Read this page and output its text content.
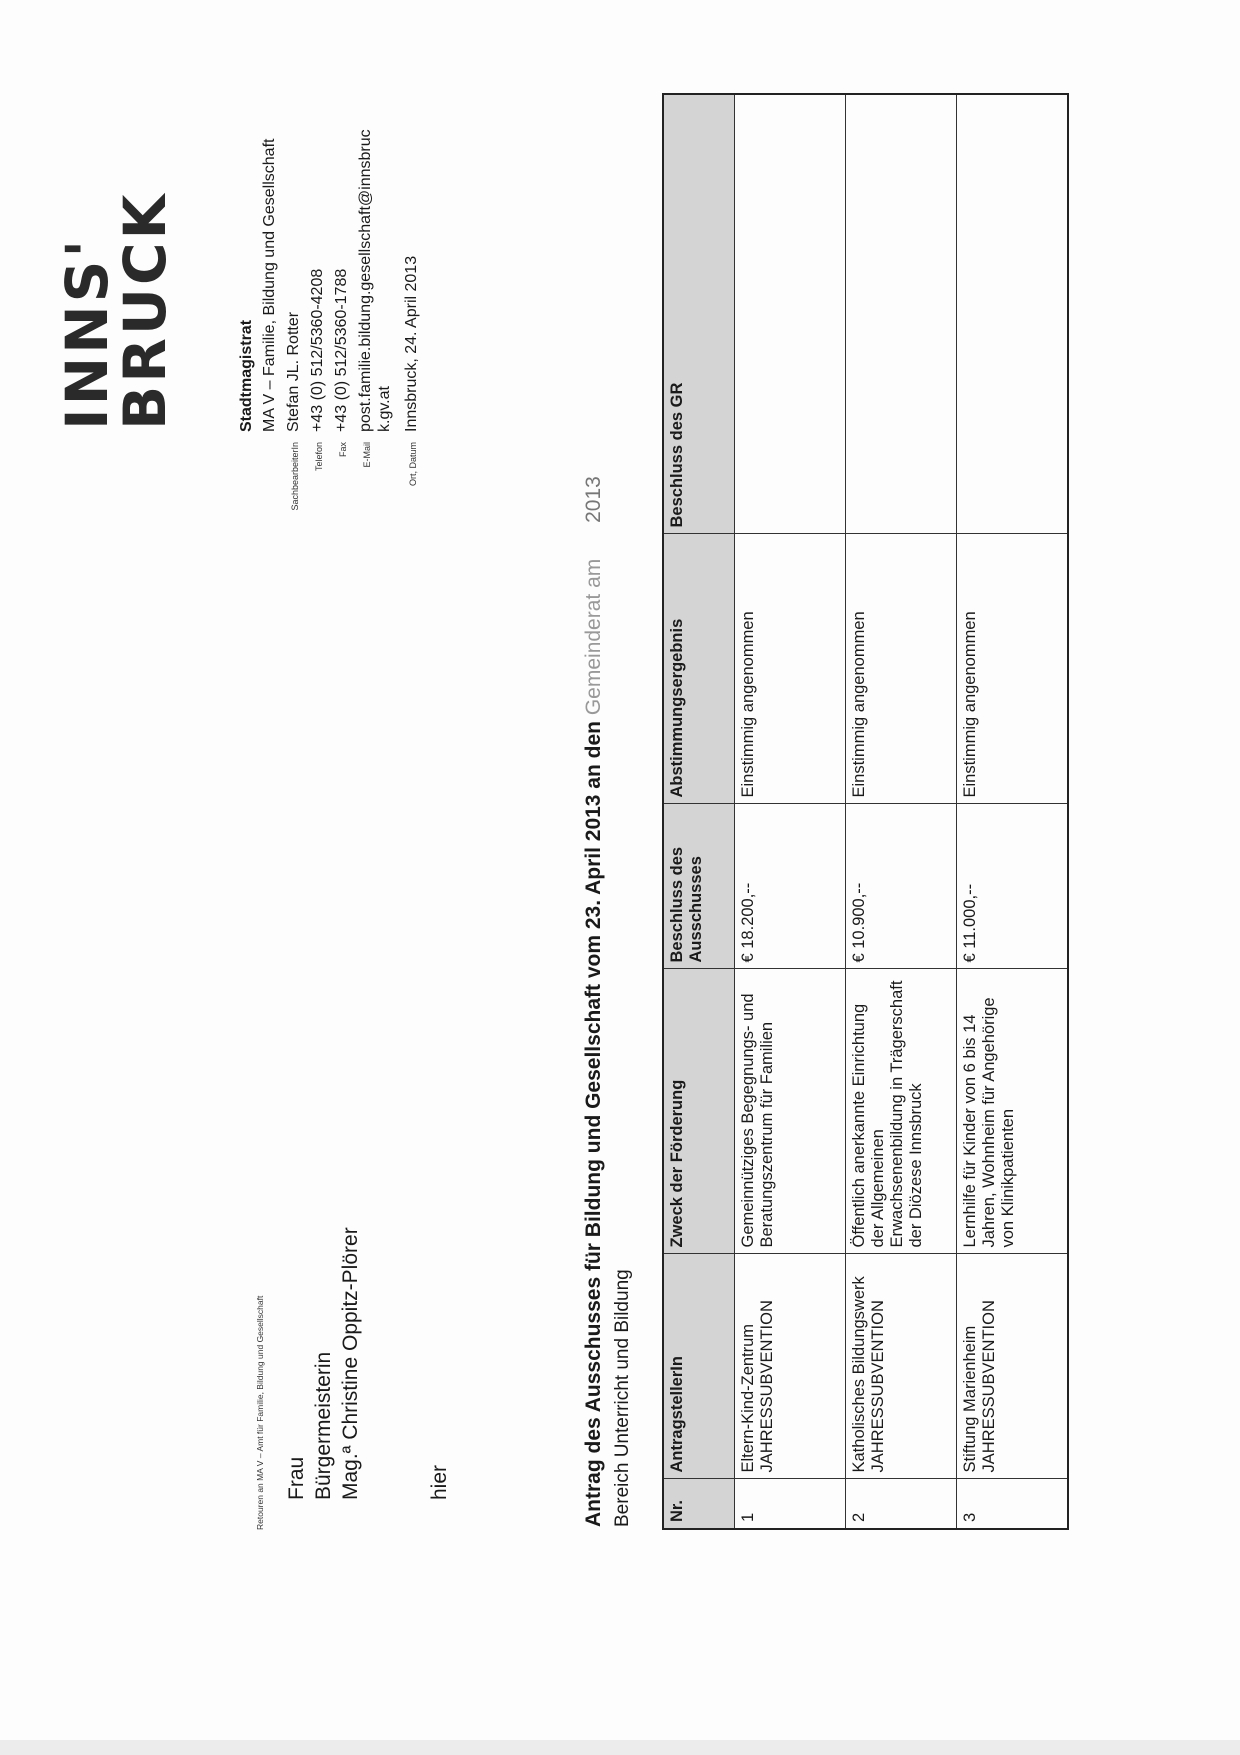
Retouren an MA V – Amt für Familie, Bildung und Gesellschaft Frau Bürgermeisterin Mag.ª Christine Oppitz-Plörer	hier
INNS'
BRUCK	Stadtmagistrat MA V – Familie, Bildung und Gesellschaft
SachbearbeiterIn
Stefan JL. Rotter
Telefon
+43 (0) 512/5360-4208
Fax
+43 (0) 512/5360-1788
E-Mail
post.familie.bildung.gesellschaft@innsbruc k.gv.at
Ort, Datum
Innsbruck, 24. April 2013
Antrag des Ausschusses für Bildung und Gesellschaft vom 23. April 2013 an den Gemeinderat am 2013
Bereich Unterricht und Bildung Nr.	AntragstellerIn	Zweck der Förderung	Beschluss des Ausschusses	Abstimmungsergebnis	Beschluss des GR
1	Eltern-Kind-Zentrum JAHRESSUBVENTION	Gemeinnütziges Begegnungs- und Beratungszentrum für Familien	€ 18.200,--	Einstimmig angenommen	
2	Katholisches Bildungswerk JAHRESSUBVENTION	Öffentlich anerkannte Einrichtung der Allgemeinen Erwachsenenbildung in Trägerschaft der Diözese Innsbruck	€ 10.900,--	Einstimmig angenommen	
3	Stiftung Marienheim JAHRESSUBVENTION	Lernhilfe für Kinder von 6 bis 14 Jahren, Wohnheim für Angehörige von Klinikpatienten	€ 11.000,--	Einstimmig angenommen	
